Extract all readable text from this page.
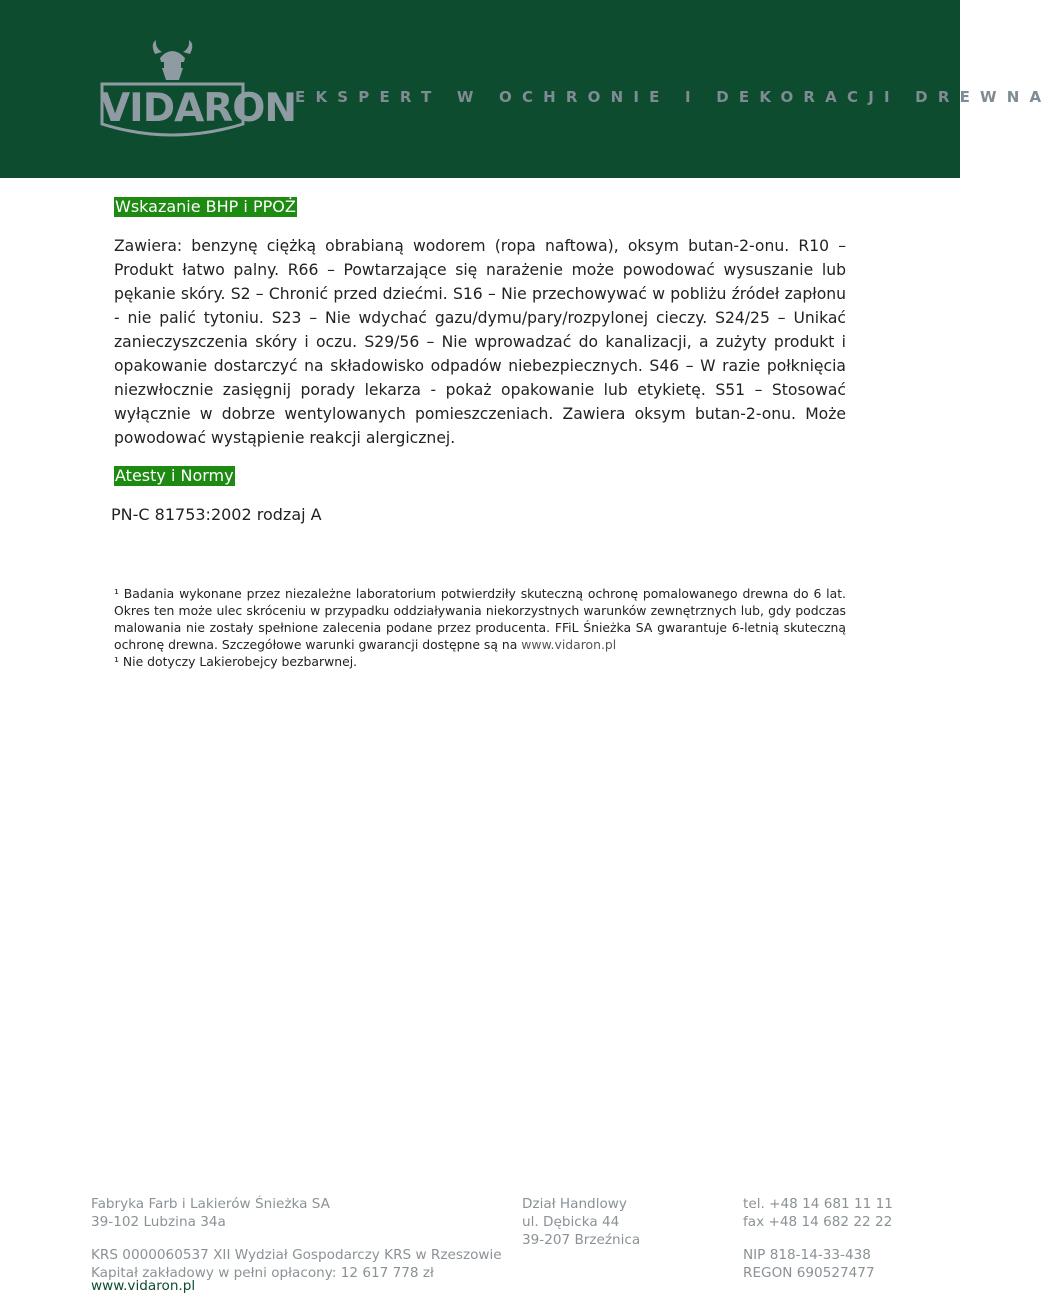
VIDARON
EKSPERT W OCHRONIE I DEKORACJI DREWNA
Wskazanie BHP i PPOŻ

Zawiera: benzynę ciężką obrabianą wodorem (ropa naftowa), oksym butan-2-onu. R10 – Produkt łatwo palny. R66 – Powtarzające się narażenie może powodować wysuszanie lub pękanie skóry. S2 – Chronić przed dziećmi. S16 – Nie przechowywać w pobliżu źródeł zapłonu - nie palić tytoniu. S23 – Nie wdychać gazu/dymu/pary/rozpylonej cieczy. S24/25 – Unikać zanieczyszczenia skóry i oczu. S29/56 – Nie wprowadzać do kanalizacji, a zużyty produkt i opakowanie dostarczyć na składowisko odpadów niebezpiecznych. S46 – W razie połknięcia niezwłocznie zasięgnij porady lekarza - pokaż opakowanie lub etykietę. S51 – Stosować wyłącznie w dobrze wentylowanych pomieszczeniach. Zawiera oksym butan-2-onu. Może powodować wystąpienie reakcji alergicznej.

Atesty i Normy
PN-C 81753:2002 rodzaj A

¹ Badania wykonane przez niezależne laboratorium potwierdziły skuteczną ochronę pomalowanego drewna do 6 lat. Okres ten może ulec skróceniu w przypadku oddziaływania niekorzystnych warunków zewnętrznych lub, gdy podczas malowania nie zostały spełnione zalecenia podane przez producenta. FFiL Śnieżka SA gwarantuje 6-letnią skuteczną ochronę drewna. Szczegółowe warunki gwarancji dostępne są na www.vidaron.pl

¹ Nie dotyczy Lakierobejcy bezbarwnej.

Fabryka Farb i Lakierów Śnieżka SA
39-102 Lubzina 34a
KRS 0000060537 XII Wydział Gospodarczy KRS w Rzeszowie
Kapitał zakładowy w pełni opłacony: 12 617 778 zł
www.vidaron.pl
Dział Handlowy
ul. Dębicka 44
39-207 Brzeźnica
tel. +48 14 681 11 11
fax +48 14 682 22 22
NIP 818-14-33-438
REGON 690527477
